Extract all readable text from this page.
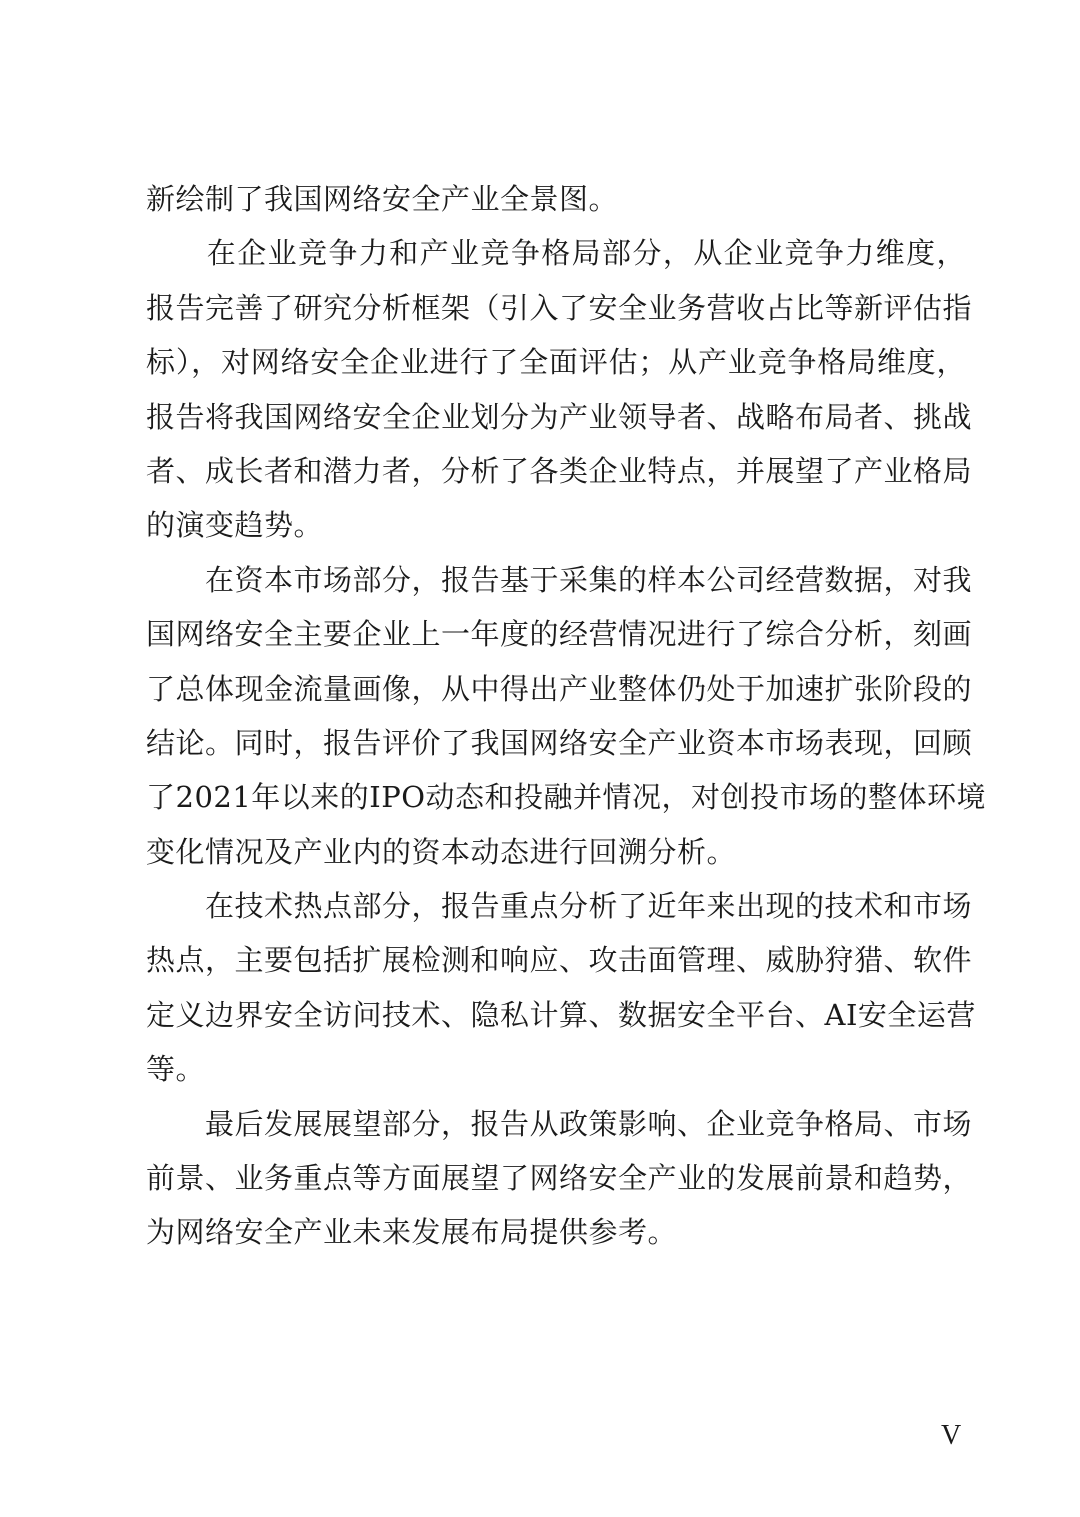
新绘制了我国网络安全产业全景图。
　　在企业竞争力和产业竞争格局部分，从企业竞争力维度，
报告完善了研究分析框架（引入了安全业务营收占比等新评估指
标），对网络安全企业进行了全面评估；从产业竞争格局维度，
报告将我国网络安全企业划分为产业领导者、战略布局者、挑战
者、成长者和潜力者，分析了各类企业特点，并展望了产业格局
的演变趋势。
　　在资本市场部分，报告基于采集的样本公司经营数据，对我
国网络安全主要企业上一年度的经营情况进行了综合分析，刻画
了总体现金流量画像，从中得出产业整体仍处于加速扩张阶段的
结论。同时，报告评价了我国网络安全产业资本市场表现，回顾
了2021年以来的IPO动态和投融并情况，对创投市场的整体环境
变化情况及产业内的资本动态进行回溯分析。
　　在技术热点部分，报告重点分析了近年来出现的技术和市场
热点，主要包括扩展检测和响应、攻击面管理、威胁狩猎、软件
定义边界安全访问技术、隐私计算、数据安全平台、AI安全运营
等。
　　最后发展展望部分，报告从政策影响、企业竞争格局、市场
前景、业务重点等方面展望了网络安全产业的发展前景和趋势，
为网络安全产业未来发展布局提供参考。
V
